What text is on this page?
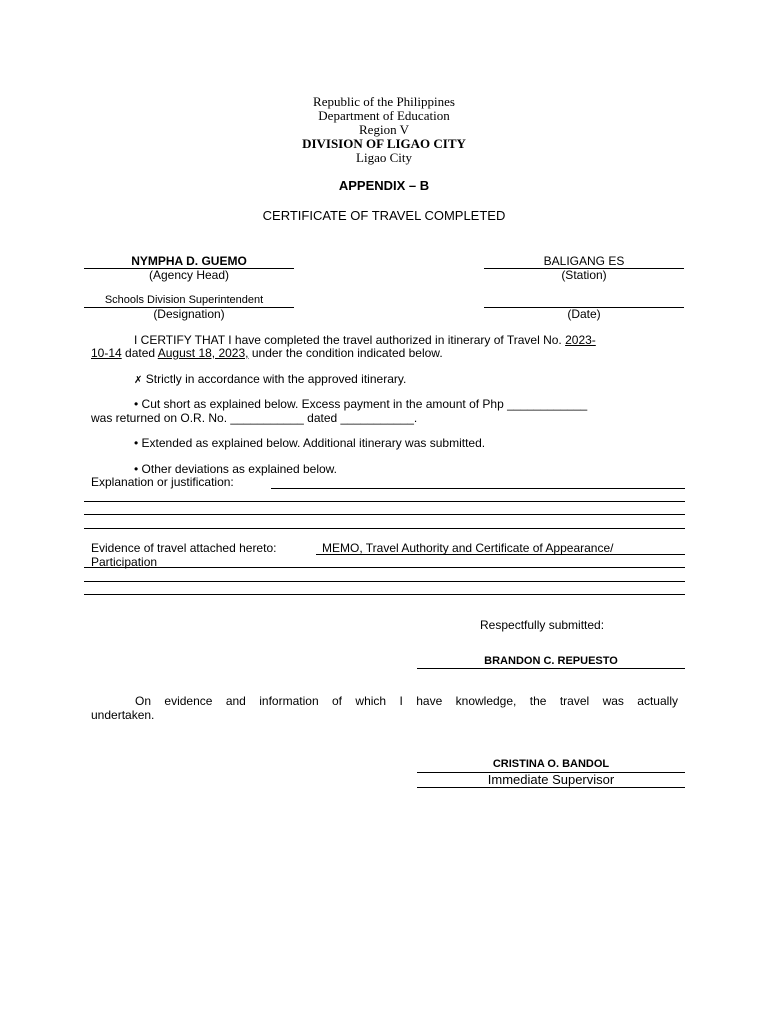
Republic of the Philippines
Department of Education
Region V
DIVISION OF LIGAO CITY
Ligao City
APPENDIX – B
CERTIFICATE OF TRAVEL COMPLETED
NYMPHA D. GUEMO
(Agency Head)
BALIGANG ES
(Station)
Schools Division Superintendent
(Designation)	(Date)
I CERTIFY THAT I have completed the travel authorized in itinerary of Travel No. 2023-
10-14 dated August 18, 2023, under the condition indicated below.
✗ Strictly in accordance with the approved itinerary.
• Cut short as explained below. Excess payment in the amount of Php ____________
was returned on O.R. No. ___________ dated ___________.
• Extended as explained below. Additional itinerary was submitted.
• Other deviations as explained below.
Explanation or justification:
Evidence of travel attached hereto:	MEMO, Travel Authority and Certificate of Appearance/
Participation
Respectfully submitted:
BRANDON C. REPUESTO
On evidence and information of which I have knowledge, the travel was actually
undertaken.
CRISTINA O. BANDOL
Immediate Supervisor
